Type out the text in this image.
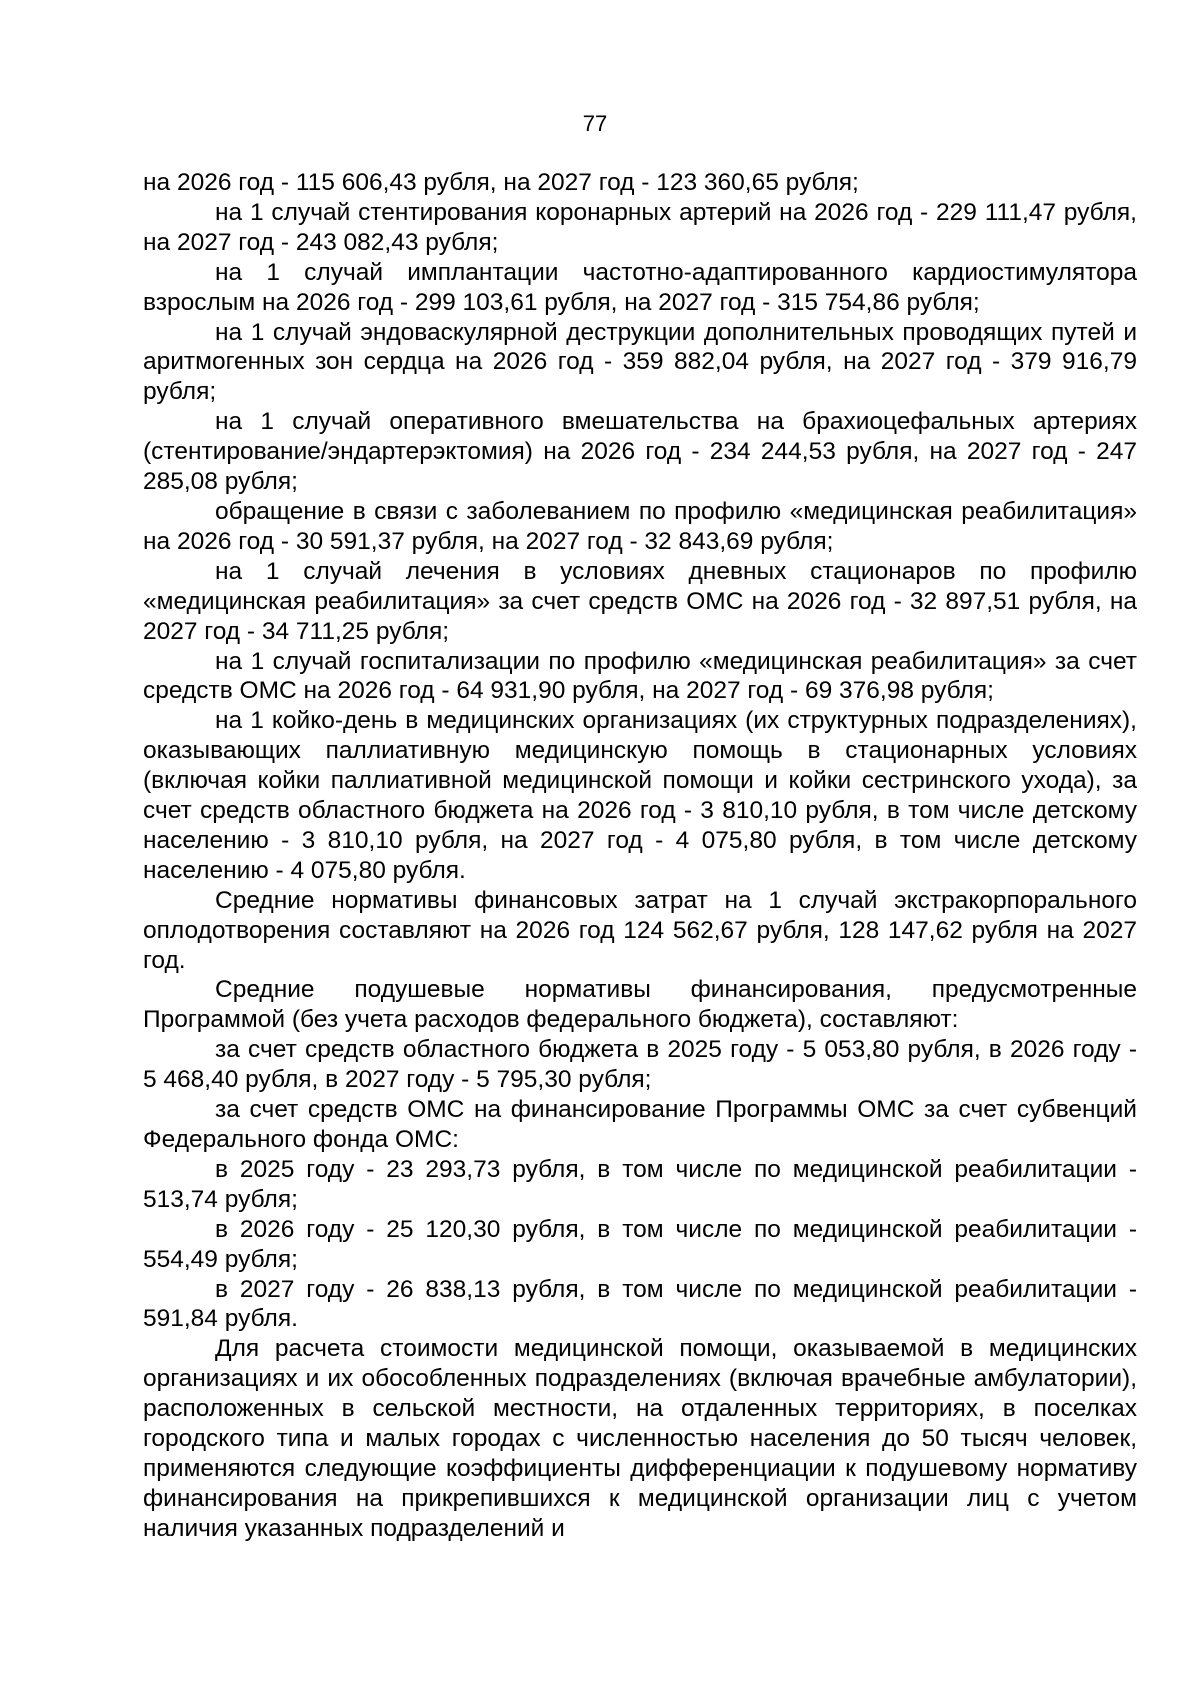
77

на 2026 год - 115 606,43 рубля, на 2027 год - 123 360,65 рубля;

на 1 случай стентирования коронарных артерий на 2026 год - 229 111,47 рубля, на 2027 год - 243 082,43 рубля;

на 1 случай имплантации частотно-адаптированного кардиостимулятора взрослым на 2026 год - 299 103,61 рубля, на 2027 год - 315 754,86 рубля;

на 1 случай эндоваскулярной деструкции дополнительных проводящих путей и аритмогенных зон сердца на 2026 год - 359 882,04 рубля, на 2027 год - 379 916,79 рубля;

на 1 случай оперативного вмешательства на брахиоцефальных артериях (стентирование/эндартерэктомия) на 2026 год - 234 244,53 рубля, на 2027 год - 247 285,08 рубля;

обращение в связи с заболеванием по профилю «медицинская реабилитация» на 2026 год - 30 591,37 рубля, на 2027 год - 32 843,69 рубля;

на 1 случай лечения в условиях дневных стационаров по профилю «медицинская реабилитация» за счет средств ОМС на 2026 год - 32 897,51 рубля, на 2027 год - 34 711,25 рубля;

на 1 случай госпитализации по профилю «медицинская реабилитация» за счет средств ОМС на 2026 год - 64 931,90 рубля, на 2027 год - 69 376,98 рубля;

на 1 койко-день в медицинских организациях (их структурных подразделениях), оказывающих паллиативную медицинскую помощь в стационарных условиях (включая койки паллиативной медицинской помощи и койки сестринского ухода), за счет средств областного бюджета на 2026 год - 3 810,10 рубля, в том числе детскому населению - 3 810,10 рубля, на 2027 год - 4 075,80 рубля, в том числе детскому населению - 4 075,80 рубля.

Средние нормативы финансовых затрат на 1 случай экстракорпорального оплодотворения составляют на 2026 год 124 562,67 рубля, 128 147,62 рубля на 2027 год.

Средние подушевые нормативы финансирования, предусмотренные Программой (без учета расходов федерального бюджета), составляют:

за счет средств областного бюджета в 2025 году - 5 053,80 рубля, в 2026 году - 5 468,40 рубля, в 2027 году - 5 795,30 рубля;

за счет средств ОМС на финансирование Программы ОМС за счет субвенций Федерального фонда ОМС:

в 2025 году - 23 293,73 рубля, в том числе по медицинской реабилитации - 513,74 рубля;

в 2026 году - 25 120,30 рубля, в том числе по медицинской реабилитации - 554,49 рубля;

в 2027 году - 26 838,13 рубля, в том числе по медицинской реабилитации - 591,84 рубля.

Для расчета стоимости медицинской помощи, оказываемой в медицинских организациях и их обособленных подразделениях (включая врачебные амбулатории), расположенных в сельской местности, на отдаленных территориях, в поселках городского типа и малых городах с численностью населения до 50 тысяч человек, применяются следующие коэффициенты дифференциации к подушевому нормативу финансирования на прикрепившихся к медицинской организации лиц с учетом наличия указанных подразделений и
